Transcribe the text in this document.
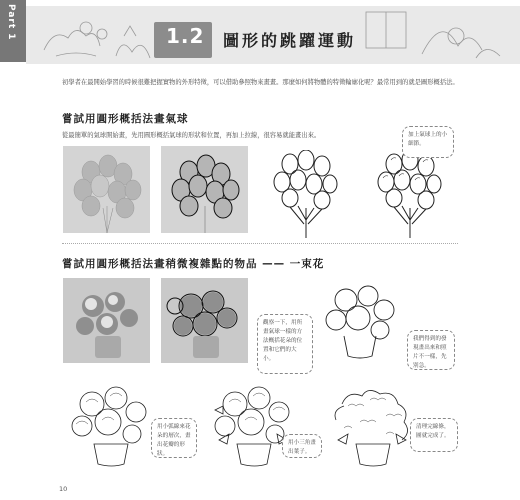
Part 1	1.2 圖形的跳躍運動
初學者在最開始學習的時候很難把握實物的外形特徵，可以借助參照物來畫畫。那麼如何將物體的特徵輪廓化呢？最常用到的就是圖形概括法。
嘗試用圓形概括法畫氣球
從最簡單的氣球開始畫，先用圓形概括氣球的形狀和位置，再加上拉線，很容易就能畫出來。	加上氣球上的小細節。
嘗試用圓形概括法畫稍微複雜點的物品 —— 一束花
觀察一下，用所畫氣球一樣的方法概括花朵的位置和它們的大小。
我們得到的發現畫出來和照片不一樣，先別急。
用小弧線來花朵的層次，畫出花瓣的形狀。
用小三角畫出葉子。
清理完線條，圖就完成了。
10
